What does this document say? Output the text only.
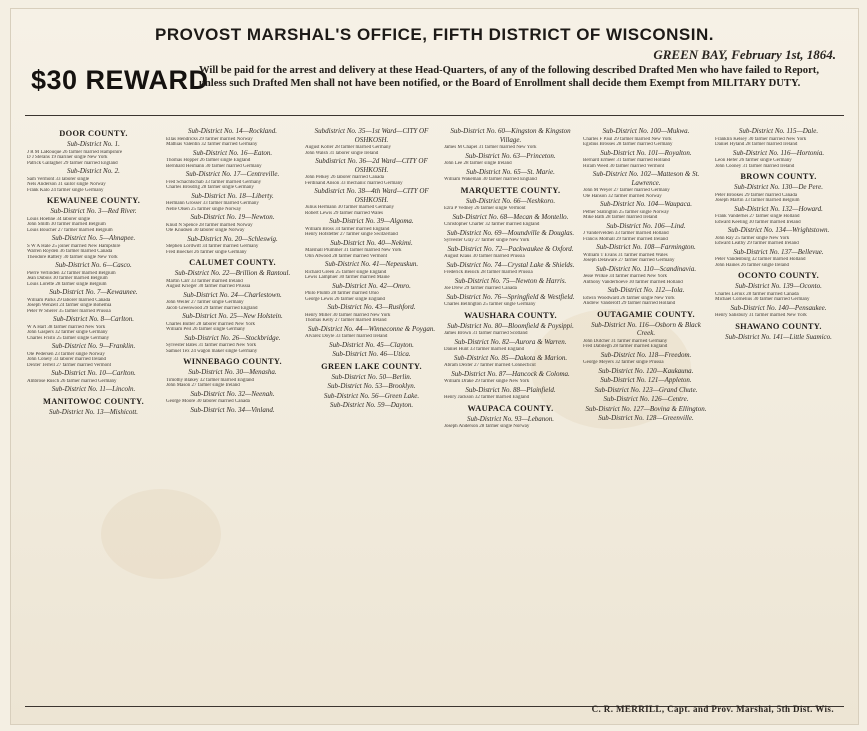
PROVOST MARSHAL'S OFFICE, FIFTH DISTRICT OF WISCONSIN.
GREEN BAY, February 1st, 1864.
$30 REWARD
Will be paid for the arrest and delivery at these Head-Quarters, of any of the following described Drafted Men who have failed to Report, unless such Drafted Men shall not have been notified, or the Board of Enrollment shall decide them Exempt from MILITARY DUTY.
DOOR COUNTY.
Sub-District No. 1.
J R M LaRouque 26 farmer married Hampshire
D J Sterans 19 mariner single New York
Patrick Gallagher 29 farmer married England
Sub-District No. 2.
Sam Vermont 33 laborer single
Nels Anderson 31 sailor single Norway
Frank Kalo 24 farmer single Germany
KEWAUNEE COUNTY.
Sub-District No. 3—Red River.
Louis Hoehne 34 laborer single
John Smith 30 farmer married Belgium
Louis Boucher 27 farmer married Belgium
Sub-District No. 5—Ahnapee.
S W A Hale 25 joiner married New Hampshire
Warren Royden 36 farmer married Canada
Theodore Rattery 30 farmer single New York
Sub-District No. 6—Casco.
Pierre Verlinden 32 farmer married Belgium
Jean Dubois 30 farmer married Belgium
Louis Lorette 28 farmer single Belgium
Sub-District No. 7—Kewaunee.
William Parks 29 laborer married Canada
Joseph Wenzell 24 farmer single Bohemia
Peter W Sherer 35 farmer married Prussia
Sub-District No. 8—Carlton.
W A Hart 38 farmer married New York
John Gaspers 32 farmer single Germany
Charles Fristo 25 farmer single Germany
Sub-District No. 9—Franklin.
Ole Pedersen 23 farmer single Norway
John Conely 33 laborer married Ireland
Dexter Terrell 27 farmer married Vermont
Sub-District No. 10—Carlton.
Ambrose Rusch 26 farmer married Germany
Sub-District No. 11—Lincoln.
MANITOWOC COUNTY.
Sub-District No. 13—Mishicott.
Sub-District No. 14—Rockland.
Ellas Hendricks 29 farmer married Norway
Mathias Valentin 32 farmer married Germany
Sub-District No. 16—Eaton.
Thomas Hopper 26 farmer single England
Bernhard Heimann 30 farmer married Germany
Sub-District No. 17—Centreville.
Fred Schachtschab 33 farmer married Germany
Charles Brosdrig 28 farmer single Germany
Sub-District No. 18—Liberty.
Hermann Grosser 33 farmer married Germany
Nelle Olsen 25 farmer single Norway
Sub-District No. 19—Newton.
Knud N Spence 28 farmer married Norway
Ole Knudsen 30 laborer single Norway
Sub-District No. 20—Schleswig.
Stephen Lordwitt 34 farmer married Germany
Fred Boeckel 26 farmer single Germany
CALUMET COUNTY.
Sub-District No. 22—Brillion & Rantoul.
Martin Carr 33 farmer married Ireland
August Krieger 30 farmer married Prussia
Sub-District No. 24—Charlestown.
John Weiler 27 farmer single Germany
Jacob Greenwood 29 farmer married England
Sub-District No. 25—New Holstein.
Charles Butler 28 laborer married New York
William Peil 26 farmer single Germany
Sub-District No. 26—Stockbridge.
Sylvester Bates 31 farmer married New York
Samuel Tex 24 wagon maker single Germany
WINNEBAGO COUNTY.
Sub-District No. 30—Menasha.
Timothy Blakey 32 farmer married England
John Mason 27 farmer single Ireland
Sub-District No. 32—Neenah.
George Moore 30 laborer married Canada
Sub-District No. 34—Vinland.
Subdistrict No. 35—1st Ward—CITY OF OSHKOSH.
August Koller 28 farmer married Germany
John Walsh 31 laborer single Ireland
Subdistrict No. 36—2d Ward—CITY OF OSHKOSH.
John Pelkey 26 laborer married Canada
Ferdinand Anson 33 mechanic married Germany
Subdistrict No. 38—4th Ward—CITY OF OSHKOSH.
Julius Hermann 30 farmer married Germany
Robert Lewis 29 farmer married Wales
Sub-District No. 39—Algoma.
William Bross 34 farmer married England
Henry Hofstetter 27 farmer single Switzerland
Sub-District No. 40—Nekimi.
Marshall Plummer 31 farmer married New York
Olin Atwood 28 farmer married Vermont
Sub-District No. 41—Nepeuskun.
Richard Green 25 farmer single England
Lewis Lamphier 30 farmer married Maine
Sub-District No. 42—Omro.
Philo Plumb 28 farmer married Ohio
George Lewis 26 farmer single England
Sub-District No. 43—Rushford.
Henry Miller 30 farmer married New York
Thomas Kelly 27 farmer married Ireland
Sub-District No. 44—Winneconne & Poygan.
Alvarez Doyle 33 farmer married Ireland
Sub-District No. 45—Clayton.
Sub-District No. 46—Utica.
GREEN LAKE COUNTY.
Sub-District No. 50—Berlin.
Sub-District No. 53—Brooklyn.
Sub-District No. 56—Green Lake.
Sub-District No. 59—Dayton.
Sub-District No. 60—Kingston & Kingston Village.
James M Chapel 31 farmer married New York
Sub-District No. 63—Princeton.
John Lee 28 farmer single Ireland
Sub-District No. 65—St. Marie.
William Wakeman 30 farmer married England
MARQUETTE COUNTY.
Sub-District No. 66—Neshkoro.
Ezra P Vedney 26 farmer single Vermont
Sub-District No. 68—Mecan & Montello.
Christopher Charter 32 farmer married England
Sub-District No. 69—Moundville & Douglas.
Sylvester Gray 27 farmer single New York
Sub-District No. 72—Packwaukee & Oxford.
August Klaus 30 farmer married Prussia
Sub-District No. 74—Crystal Lake & Shields.
Frederick Beisick 28 farmer married Prussia
Sub-District No. 75—Newton & Harris.
Joe Drew 29 farmer married Canada
Sub-District No. 76—Springfield & Westfield.
Charles Bellington 25 farmer single Germany
WAUSHARA COUNTY.
Sub-District No. 80—Bloomfield & Poysippi.
James Brown 31 farmer married Scotland
Sub-District No. 82—Aurora & Warren.
Daniel Hunt 33 farmer married England
Sub-District No. 85—Dakota & Marion.
Abram Dexter 27 farmer married Connecticut
Sub-District No. 87—Hancock & Coloma.
William Drake 29 farmer single New York
Sub-District No. 88—Plainfield.
Henry Jackson 32 farmer married England
WAUPACA COUNTY.
Sub-District No. 93—Lebanon.
Joseph Anderson 28 farmer single Norway
Sub-District No. 100—Mukwa.
Charles F Paul 29 farmer married New York
Egidius Brosses 28 farmer married Germany
Sub-District No. 101—Royalton.
Bernard Ermeer 31 farmer married Holland
Hiram Weed 30 farmer married Vermont
Sub-District No. 102—Matteson & St. Lawrence.
John M Weyer 27 farmer married Germany
Ole Hanson 32 farmer married Norway
Sub-District No. 104—Waupaca.
Pether Slatington 25 farmer single Norway
Mike Bath 28 farmer married Ireland
Sub-District No. 106—Lind.
J Vandervelden 33 farmer married Holland
Francis Molhall 29 farmer married Ireland
Sub-District No. 108—Farmington.
William T Evans 31 farmer married Wales
Joseph Delaware 27 farmer married Germany
Sub-District No. 110—Scandinavia.
Jesse Wilkie 34 farmer married New York
Anthony Vanderhoeve 30 farmer married Holland
Sub-District No. 112—Iola.
Edwin Woodward 26 farmer single New York
Andrew Vanderoff 29 farmer married Holland
OUTAGAMIE COUNTY.
Sub-District No. 116—Osborn & Black Creek.
John Dutcher 31 farmer married Germany
Fred Dabilegh 28 farmer married England
Sub-District No. 118—Freedom.
George Meyers 32 farmer single Prussia
Sub-District No. 120—Kaukauna.
Sub-District No. 121—Appleton.
Sub-District No. 123—Grand Chute.
Sub-District No. 126—Centre.
Sub-District No. 127—Bovina & Ellington.
Sub-District No. 128—Greenville.
Sub-District No. 115—Dale.
Franklin Kelsey 30 farmer married New York
Daniel Hyland 28 farmer married Ireland
Sub-District No. 116—Hortonia.
Leon Hefer 26 farmer single Germany
John Cooney 31 farmer married Ireland
BROWN COUNTY.
Sub-District No. 130—De Pere.
Peter Brookes 29 farmer married Canada
Joseph Martin 33 farmer married Belgium
Sub-District No. 132—Howard.
Frank Vanderhei 27 farmer single Holland
Edward Keeling 30 farmer married Ireland
Sub-District No. 134—Wrightstown.
John Ray 25 farmer single New York
Edward Leathy 29 farmer married Ireland
Sub-District No. 137—Bellevue.
Peter Vandenburg 32 farmer married Holland
John Haines 26 farmer single Ireland
OCONTO COUNTY.
Sub-District No. 139—Oconto.
Charles Leriux 28 farmer married Canada
Michael Cornelius 30 farmer married Germany
Sub-District No. 140—Pensaukee.
Henry Salisbury 31 farmer married New York
SHAWANO COUNTY.
Sub-District No. 141—Little Suamico.
C. R. MERRILL, Capt. and Prov. Marshal, 5th Dist. Wis.
